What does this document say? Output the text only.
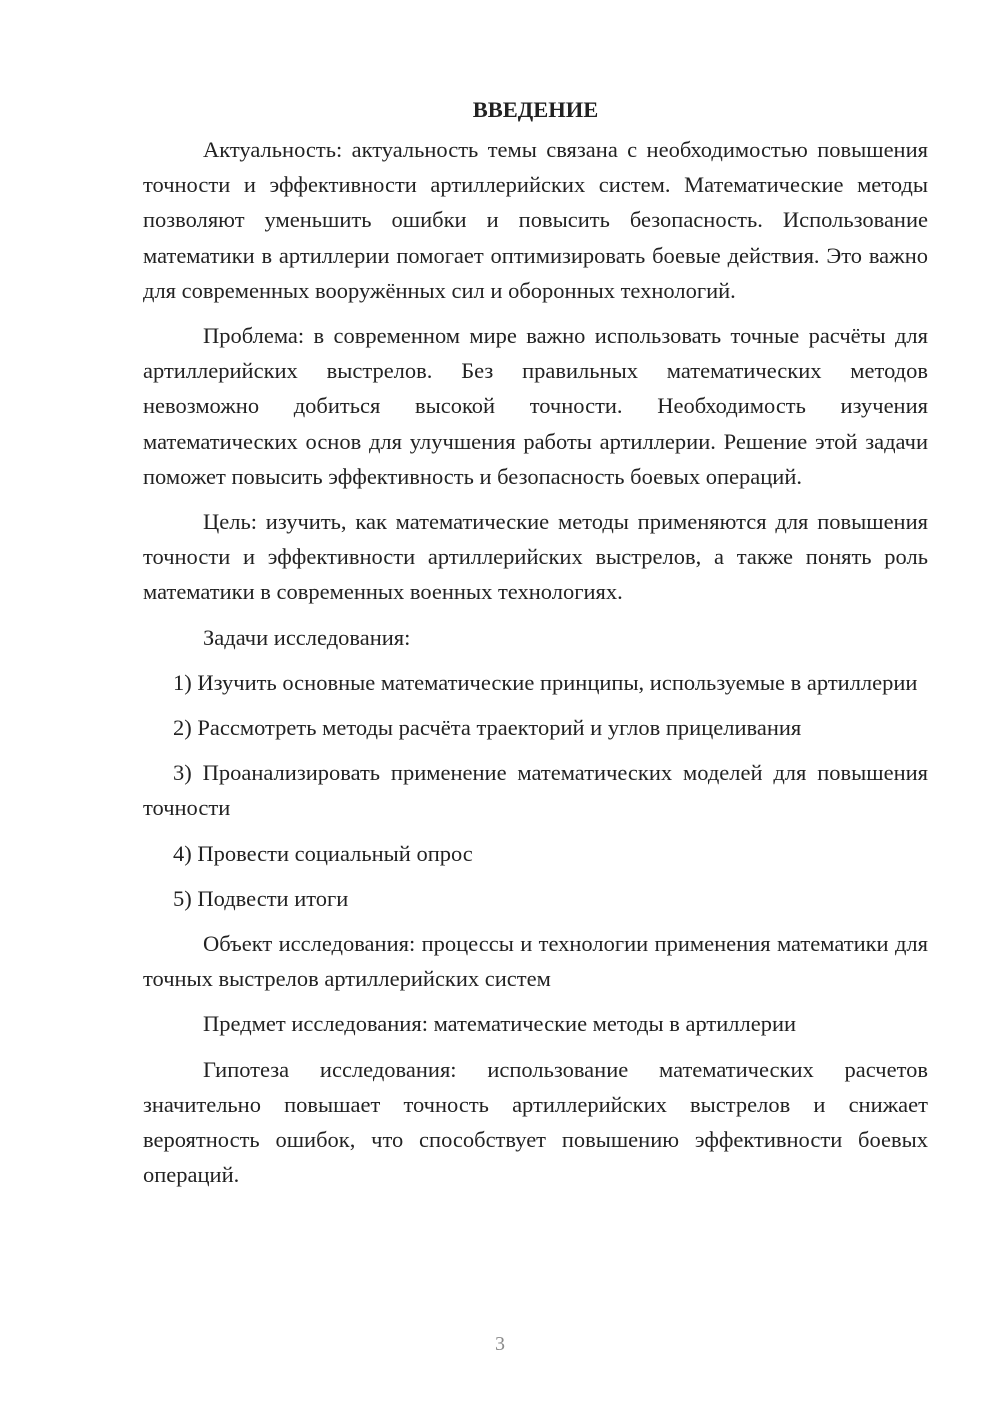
ВВЕДЕНИЕ

Актуальность: актуальность темы связана с необходимостью повышения точности и эффективности артиллерийских систем. Математические методы позволяют уменьшить ошибки и повысить безопасность. Использование математики в артиллерии помогает оптимизировать боевые действия. Это важно для современных вооружённых сил и оборонных технологий.

Проблема: в современном мире важно использовать точные расчёты для артиллерийских выстрелов. Без правильных математических методов невозможно добиться высокой точности. Необходимость изучения математических основ для улучшения работы артиллерии. Решение этой задачи поможет повысить эффективность и безопасность боевых операций.

Цель: изучить, как математические методы применяются для повышения точности и эффективности артиллерийских выстрелов, а также понять роль математики в современных военных технологиях.

Задачи исследования:

1) Изучить основные математические принципы, используемые в артиллерии

2) Рассмотреть методы расчёта траекторий и углов прицеливания

3) Проанализировать применение математических моделей для повышения точности

4) Провести социальный опрос

5) Подвести итоги

Объект исследования: процессы и технологии применения математики для точных выстрелов артиллерийских систем

Предмет исследования: математические методы в артиллерии

Гипотеза исследования: использование математических расчетов значительно повышает точность артиллерийских выстрелов и снижает вероятность ошибок, что способствует повышению эффективности боевых операций.

3
